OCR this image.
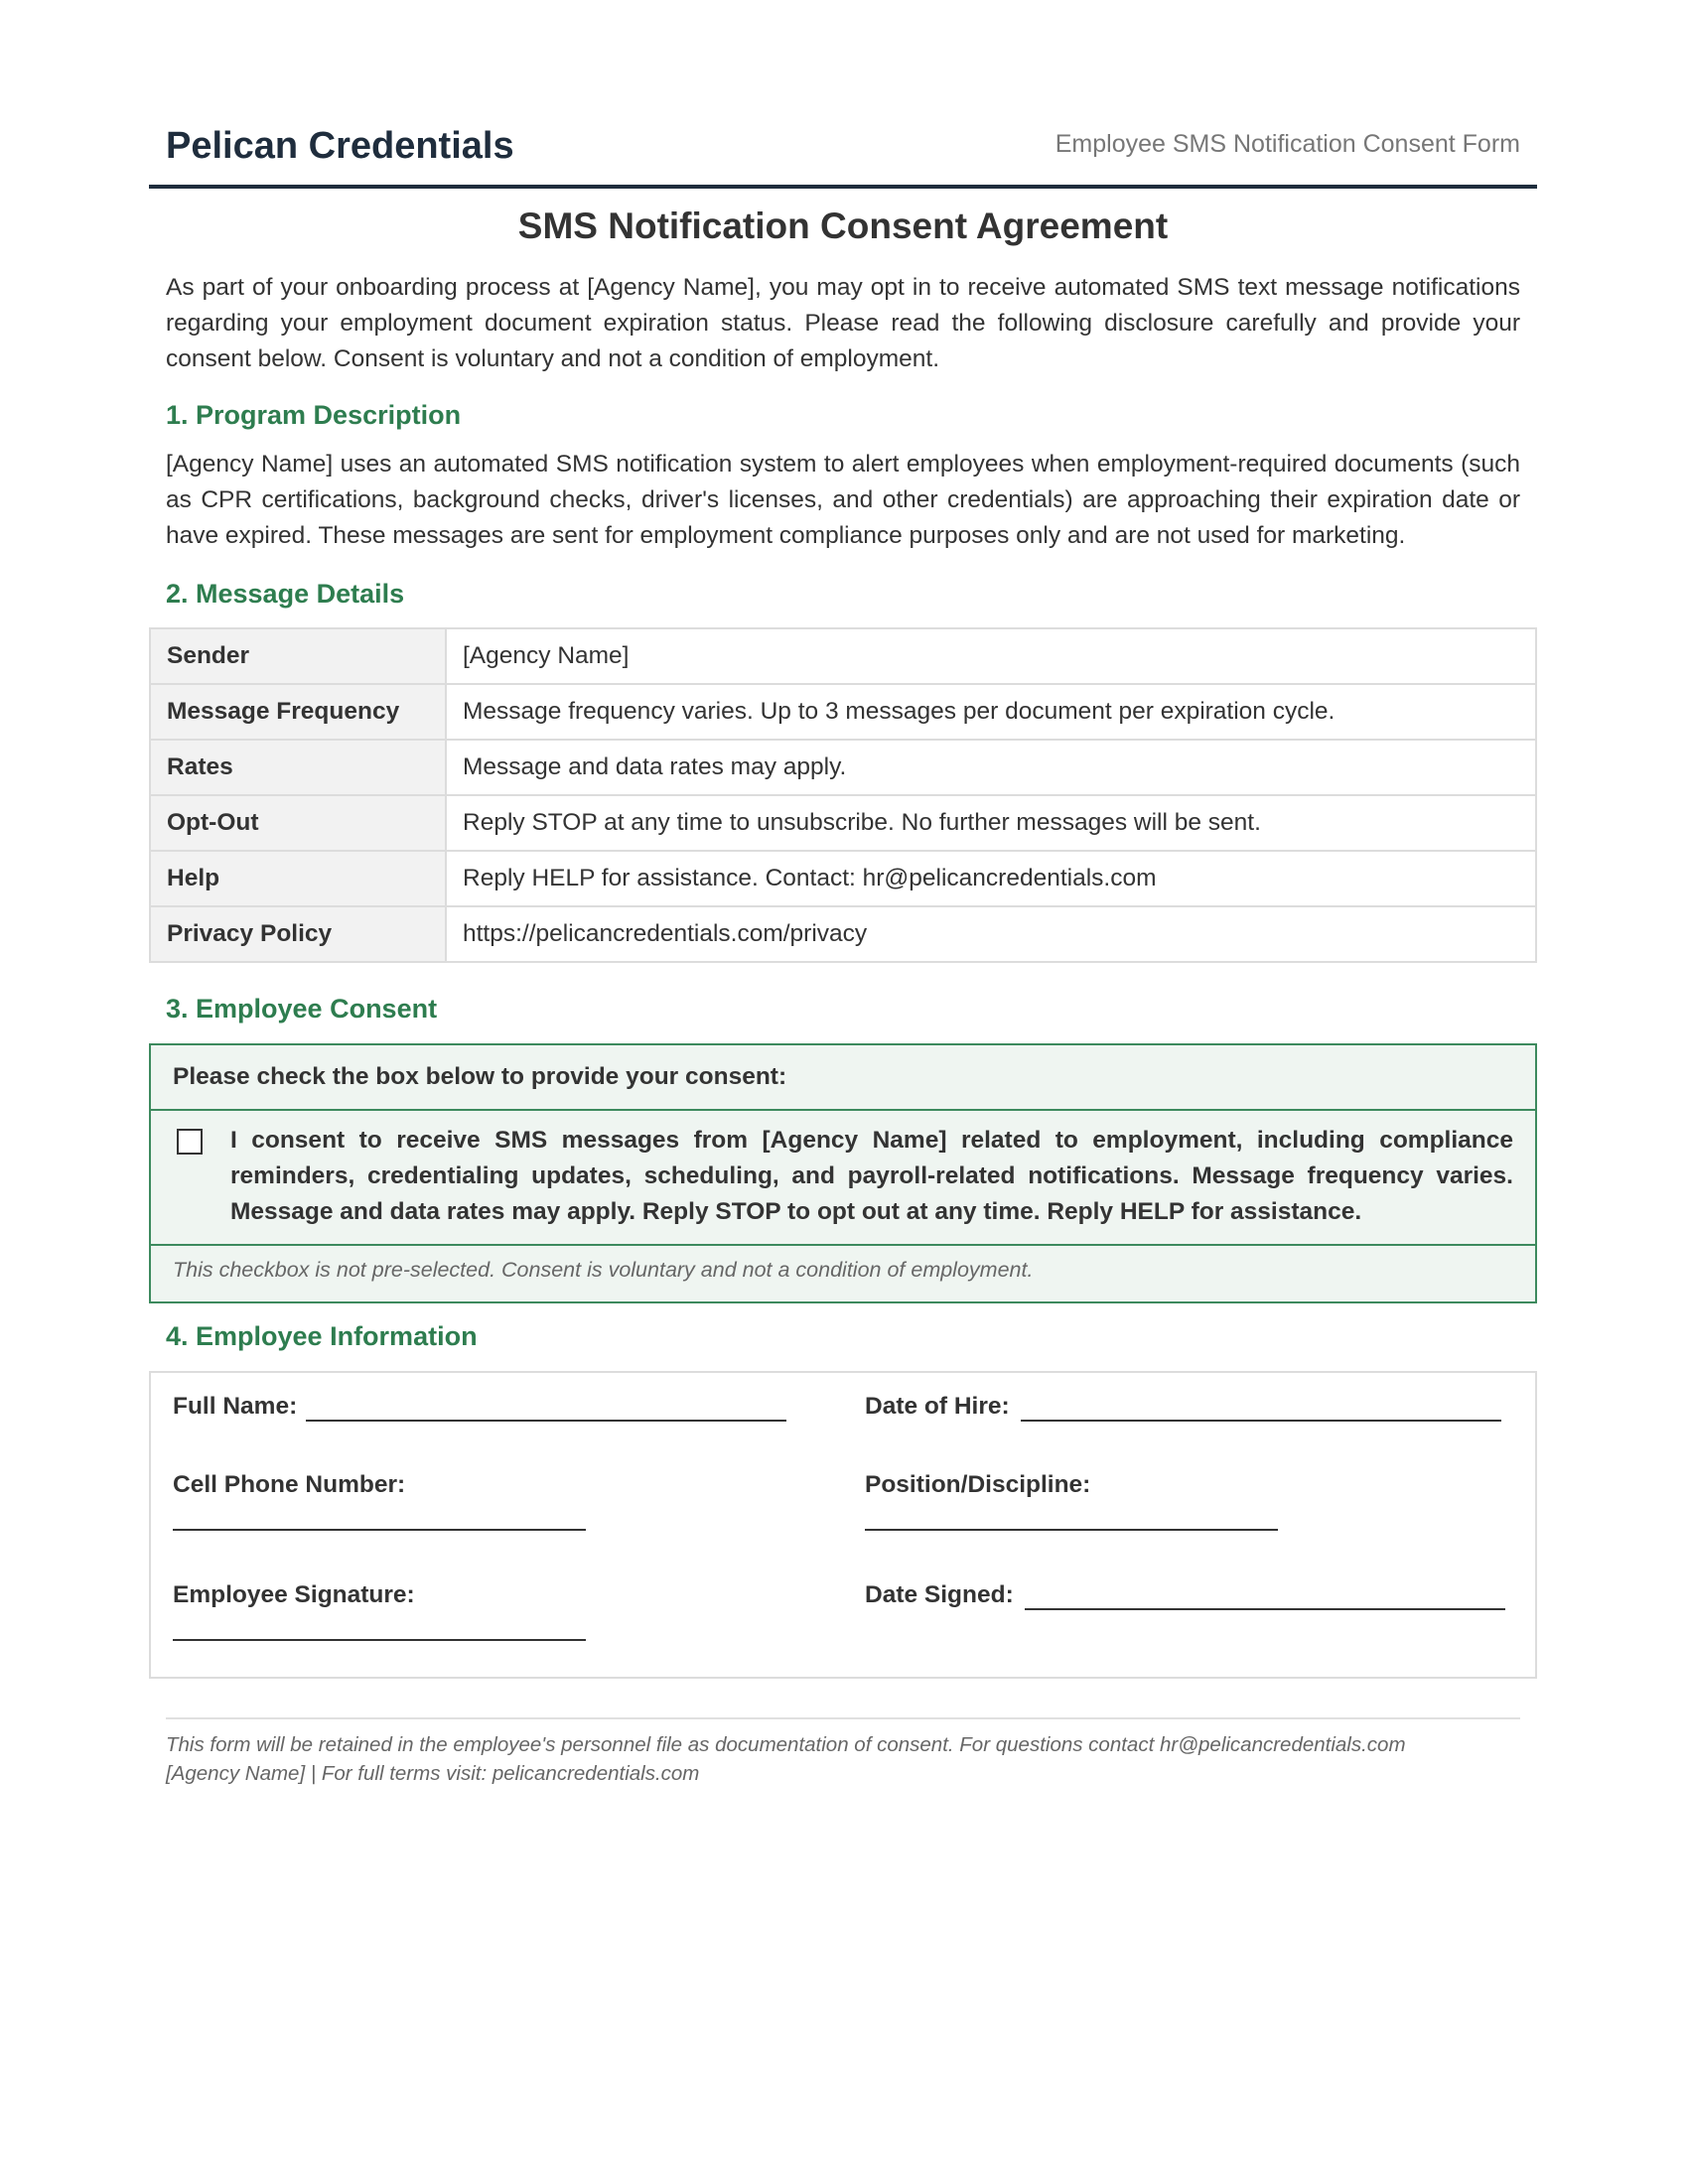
Pelican Credentials	Employee SMS Notification Consent Form
SMS Notification Consent Agreement
As part of your onboarding process at [Agency Name], you may opt in to receive automated SMS text message notifications regarding your employment document expiration status. Please read the following disclosure carefully and provide your consent below. Consent is voluntary and not a condition of employment.
1. Program Description
[Agency Name] uses an automated SMS notification system to alert employees when employment-required documents (such as CPR certifications, background checks, driver's licenses, and other credentials) are approaching their expiration date or have expired. These messages are sent for employment compliance purposes only and are not used for marketing.
2. Message Details
Sender	[Agency Name]
Message Frequency	Message frequency varies. Up to 3 messages per document per expiration cycle.
Rates	Message and data rates may apply.
Opt-Out	Reply STOP at any time to unsubscribe. No further messages will be sent.
Help	Reply HELP for assistance. Contact: hr@pelicancredentials.com
Privacy Policy	https://pelicancredentials.com/privacy
3. Employee Consent
Please check the box below to provide your consent:
I consent to receive SMS messages from [Agency Name] related to employment, including compliance reminders, credentialing updates, scheduling, and payroll-related notifications. Message frequency varies. Message and data rates may apply. Reply STOP to opt out at any time. Reply HELP for assistance.
This checkbox is not pre-selected. Consent is voluntary and not a condition of employment.
4. Employee Information
Full Name:	Date of Hire:
Cell Phone Number:	Position/Discipline:
Employee Signature:	Date Signed:
This form will be retained in the employee's personnel file as documentation of consent. For questions contact hr@pelicancredentials.com
[Agency Name] | For full terms visit: pelicancredentials.com
